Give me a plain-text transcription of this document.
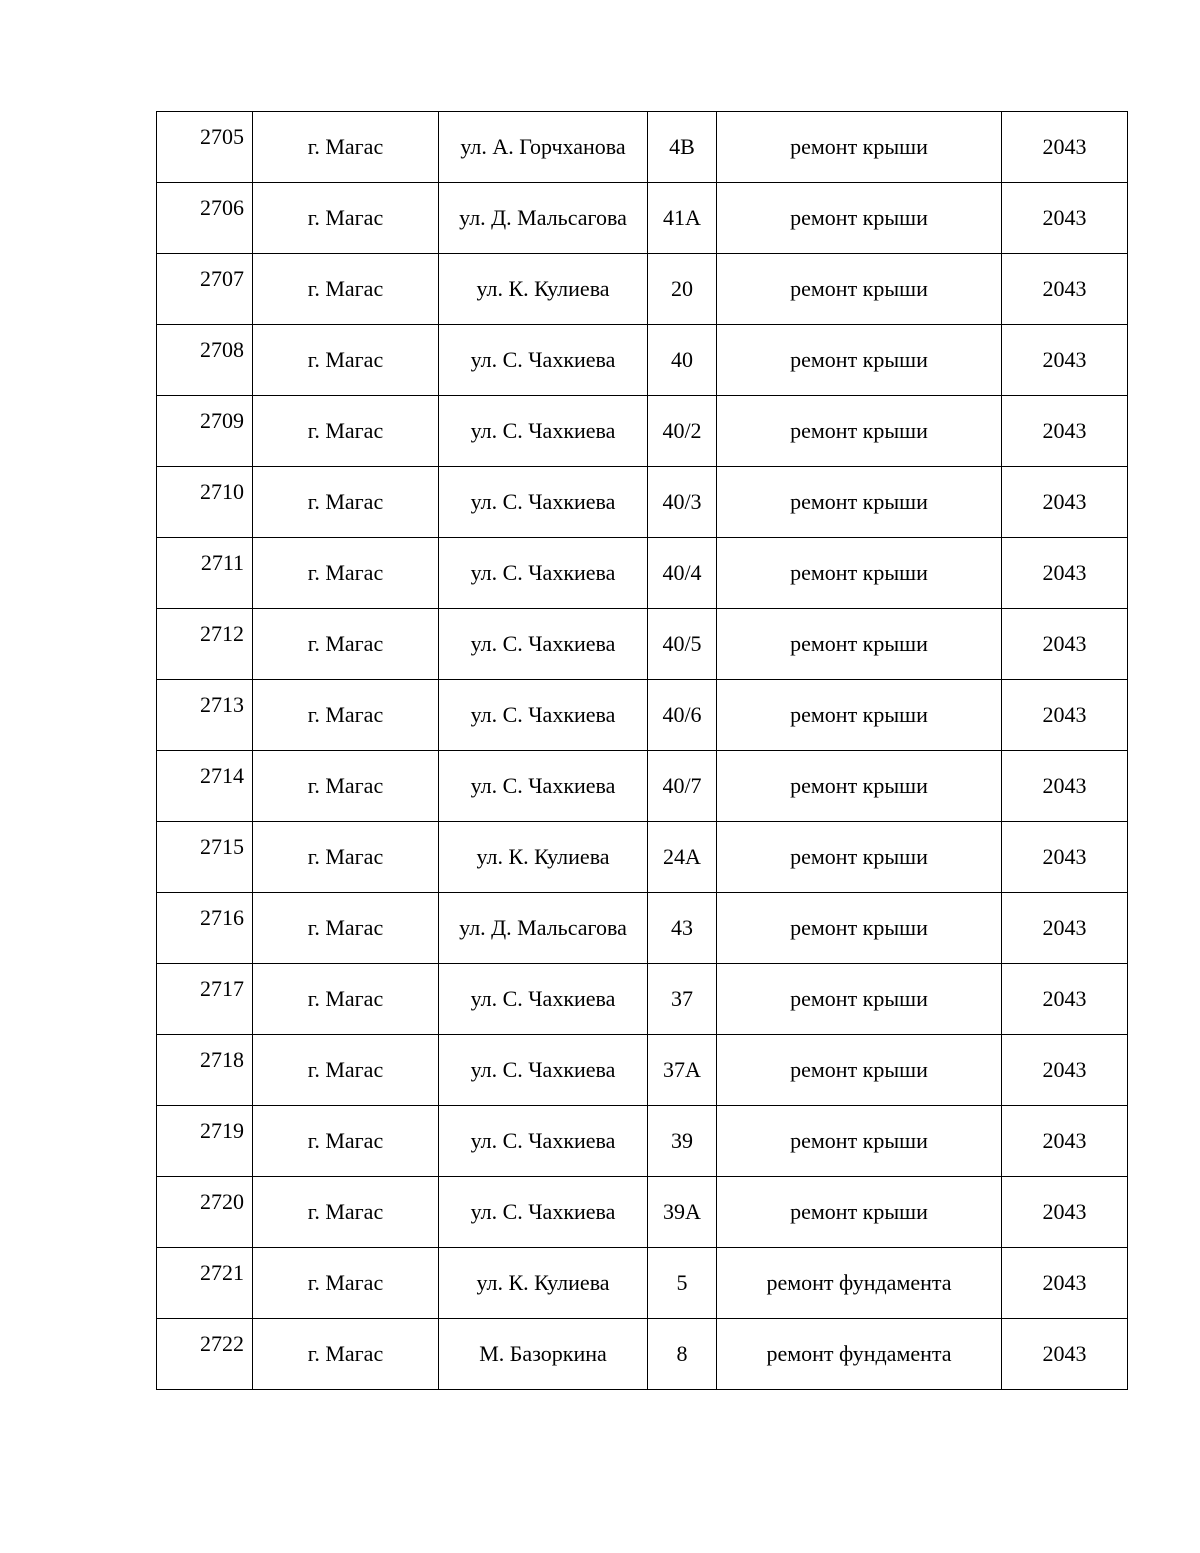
2705	г. Магас	ул. А. Горчханова	4В	ремонт крыши	2043
2706	г. Магас	ул. Д. Мальсагова	41А	ремонт крыши	2043
2707	г. Магас	ул. К. Кулиева	20	ремонт крыши	2043
2708	г. Магас	ул. С. Чахкиева	40	ремонт крыши	2043
2709	г. Магас	ул. С. Чахкиева	40/2	ремонт крыши	2043
2710	г. Магас	ул. С. Чахкиева	40/3	ремонт крыши	2043
2711	г. Магас	ул. С. Чахкиева	40/4	ремонт крыши	2043
2712	г. Магас	ул. С. Чахкиева	40/5	ремонт крыши	2043
2713	г. Магас	ул. С. Чахкиева	40/6	ремонт крыши	2043
2714	г. Магас	ул. С. Чахкиева	40/7	ремонт крыши	2043
2715	г. Магас	ул. К. Кулиева	24А	ремонт крыши	2043
2716	г. Магас	ул. Д. Мальсагова	43	ремонт крыши	2043
2717	г. Магас	ул. С. Чахкиева	37	ремонт крыши	2043
2718	г. Магас	ул. С. Чахкиева	37А	ремонт крыши	2043
2719	г. Магас	ул. С. Чахкиева	39	ремонт крыши	2043
2720	г. Магас	ул. С. Чахкиева	39А	ремонт крыши	2043
2721	г. Магас	ул. К. Кулиева	5	ремонт фундамента	2043
2722	г. Магас	М. Базоркина	8	ремонт фундамента	2043
